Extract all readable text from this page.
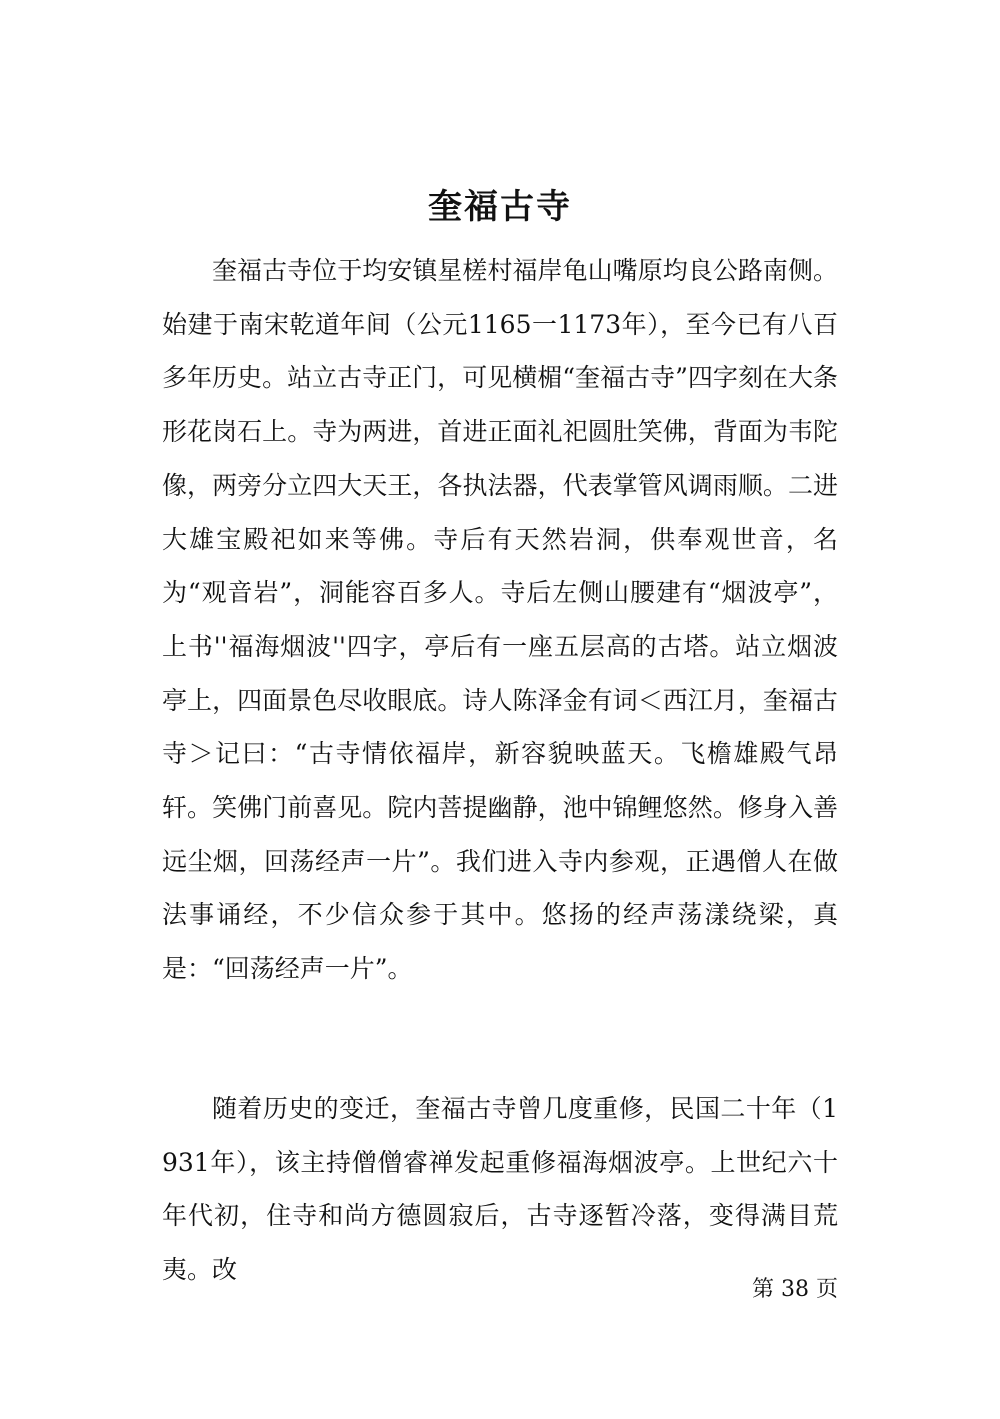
奎福古寺

奎福古寺位于均安镇星槎村福岸龟山嘴原均良公路南侧。始建于南宋乾道年间（公元1165一1173年），至今已有八百多年历史。站立古寺正门，可见横楣“奎福古寺”四字刻在大条形花岗石上。寺为两进，首进正面礼祀圆肚笑佛，背面为韦陀像，两旁分立四大天王，各执法器，代表掌管风调雨顺。二进大雄宝殿祀如来等佛。寺后有天然岩洞，供奉观世音，名为“观音岩”，洞能容百多人。寺后左侧山腰建有“烟波亭”，上书''福海烟波''四字，亭后有一座五层高的古塔。站立烟波亭上，四面景色尽收眼底。诗人陈泽金有词＜西江月，奎福古寺＞记曰：“古寺情依福岸，新容貌映蓝天。飞檐雄殿气昂轩。笑佛门前喜见。院内菩提幽静，池中锦鲤悠然。修身入善远尘烟，回荡经声一片”。我们进入寺内参观，正遇僧人在做法事诵经，不少信众参于其中。悠扬的经声荡漾绕梁，真是：“回荡经声一片”。

随着历史的变迁，奎福古寺曾几度重修，民国二十年（1931年），该主持僧僧睿禅发起重修福海烟波亭。上世纪六十年代初，住寺和尚方德圆寂后，古寺逐暂冷落，变得满目荒夷。改

第 38 页
